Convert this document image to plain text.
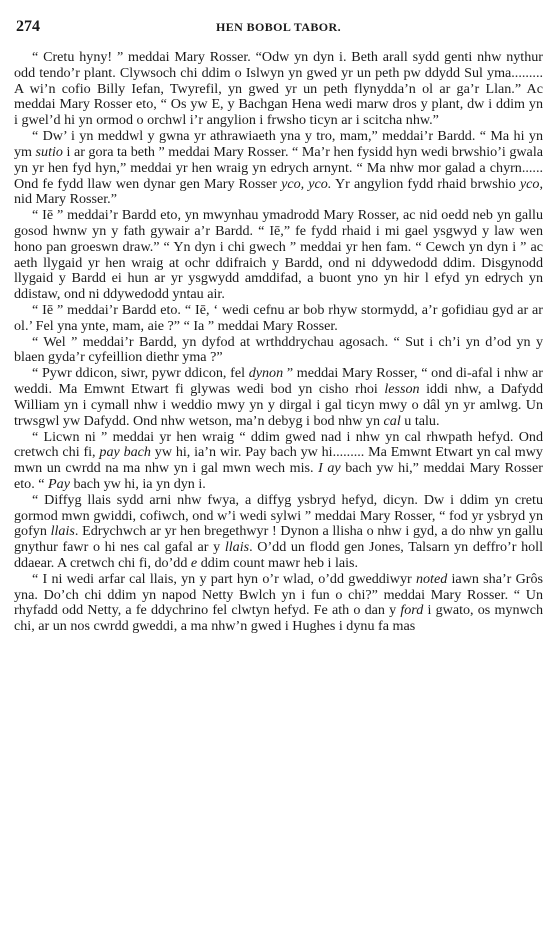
274	HEN BOBOL TABOR.

“ Cretu hyny! ” meddai Mary Rosser. “Odw yn dyn i. Beth arall sydd genti nhw nythur odd tendo’r plant. Clywsoch chi ddim o Islwyn yn gwed yr un peth pw ddydd Sul yma......... A wi’n cofio Billy Iefan, Twyrefil, yn gwed yr un peth flynydda’n ol ar ga’r Llan.” Ac meddai Mary Rosser eto, “ Os yw E, y Bachgan Hena wedi marw dros y plant, dw i ddim yn i gwel’d hi yn ormod o orchwl i’r angylion i frwsho ticyn ar i scitcha nhw.”

“ Dw’ i yn meddwl y gwna yr athrawiaeth yna y tro, mam,” meddai’r Bardd. “ Ma hi yn ym sutio i ar gora ta beth ” meddai Mary Rosser. “ Ma’r hen fysidd hyn wedi brwshio’i gwala yn yr hen fyd hyn,” meddai yr hen wraig yn edrych arnynt. “ Ma nhw mor galad a chyrn...... Ond fe fydd llaw wen dynar gen Mary Rosser yco, yco. Yr angylion fydd rhaid brwshio yco, nid Mary Rosser.”

“ Iē ” meddai’r Bardd eto, yn mwynhau ymadrodd Mary Rosser, ac nid oedd neb yn gallu gosod hwnw yn y fath gywair a’r Bardd. “ Iē,” fe fydd rhaid i mi gael ysgwyd y law wen hono pan groeswn draw.” “ Yn dyn i chi gwech ” meddai yr hen fam. “ Cewch yn dyn i ” ac aeth llygaid yr hen wraig at ochr ddifraich y Bardd, ond ni ddywedodd ddim. Disgynodd llygaid y Bardd ei hun ar yr ysgwydd amddifad, a buont yno yn hir l efyd yn edrych yn ddistaw, ond ni ddywedodd yntau air.

“ Iē ” meddai’r Bardd eto. “ Iē, ‘ wedi cefnu ar bob rhyw stormydd, a’r gofidiau gyd ar ar ol.’ Fel yna ynte, mam, aie ?” “ Ia ” meddai Mary Rosser.

“ Wel ” meddai’r Bardd, yn dyfod at wrthddrychau agosach. “ Sut i ch’i yn d’od yn y blaen gyda’r cyfeillion diethr yma ?”

“ Pywr ddicon, siwr, pywr ddicon, fel dynon ” meddai Mary Rosser, “ ond di-afal i nhw ar weddi. Ma Emwnt Etwart fi glywas wedi bod yn cisho rhoi lesson iddi nhw, a Dafydd William yn i cymall nhw i weddio mwy yn y dirgal i gal ticyn mwy o dâl yn yr amlwg. Un trwsgwl yw Dafydd. Ond nhw wetson, ma’n debyg i bod nhw yn cal u talu.

“ Licwn ni ” meddai yr hen wraig “ ddim gwed nad i nhw yn cal rhwpath hefyd. Ond cretwch chi fi, pay bach yw hi, ia’n wir. Pay bach yw hi......... Ma Emwnt Etwart yn cal mwy mwn un cwrdd na ma nhw yn i gal mwn wech mis. I ay bach yw hi,” meddai Mary Rosser eto. “ Pay bach yw hi, ia yn dyn i.

“ Diffyg llais sydd arni nhw fwya, a diffyg ysbryd hefyd, dicyn. Dw i ddim yn cretu gormod mwn gwiddi, cofiwch, ond w’i wedi sylwi ” meddai Mary Rosser, “ fod yr ysbryd yn gofyn llais. Edrychwch ar yr hen bregethwyr ! Dynon a llisha o nhw i gyd, a do nhw yn gallu gnythur fawr o hi nes cal gafal ar y llais. O’dd un flodd gen Jones, Talsarn yn deffro’r holl ddaear. A cretwch chi fi, do’dd e ddim count mawr heb i lais.

“ I ni wedi arfar cal llais, yn y part hyn o’r wlad, o’dd gweddiwyr noted iawn sha’r Grôs yna. Do’ch chi ddim yn napod Netty Bwlch yn i fun o chi?” meddai Mary Rosser. “ Un rhyfadd odd Netty, a fe ddychrino fel clwtyn hefyd. Fe ath o dan y ford i gwato, os mynwch chi, ar un nos cwrdd gweddi, a ma nhw’n gwed i Hughes i dynu fa mas
